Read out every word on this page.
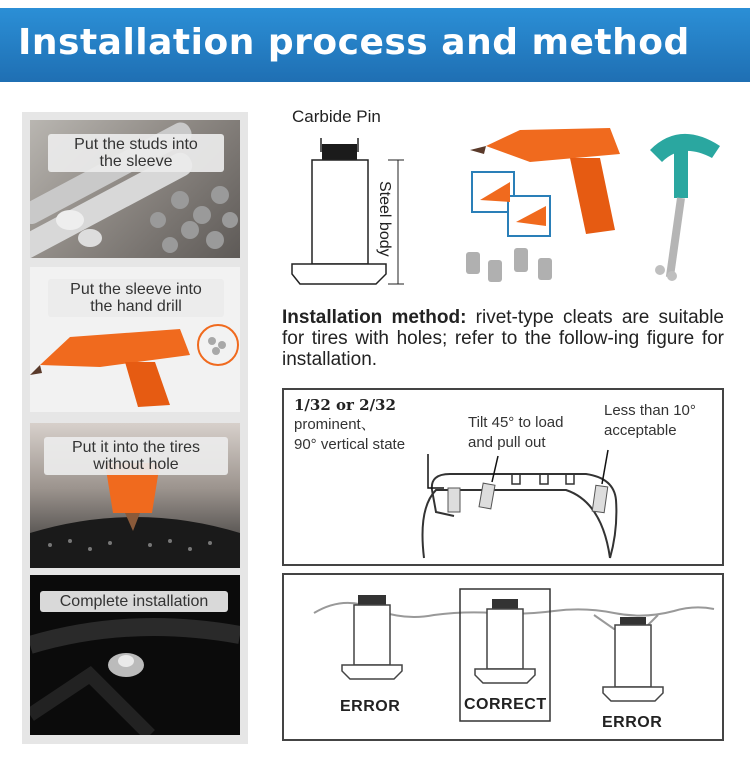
Installation process and method
Put the studs into
the sleeve
Put the sleeve into
the hand drill
Put it into the tires
without hole
Complete installation
Carbide Pin
Steel body
Installation method: rivet-type cleats are suitable for tires with holes; refer to the follow-ing figure for installation.
1/32 or 2/32
prominent、
90° vertical state
Tilt 45° to load
and pull out
Less than 10°
acceptable
ERROR	CORRECT
ERROR
